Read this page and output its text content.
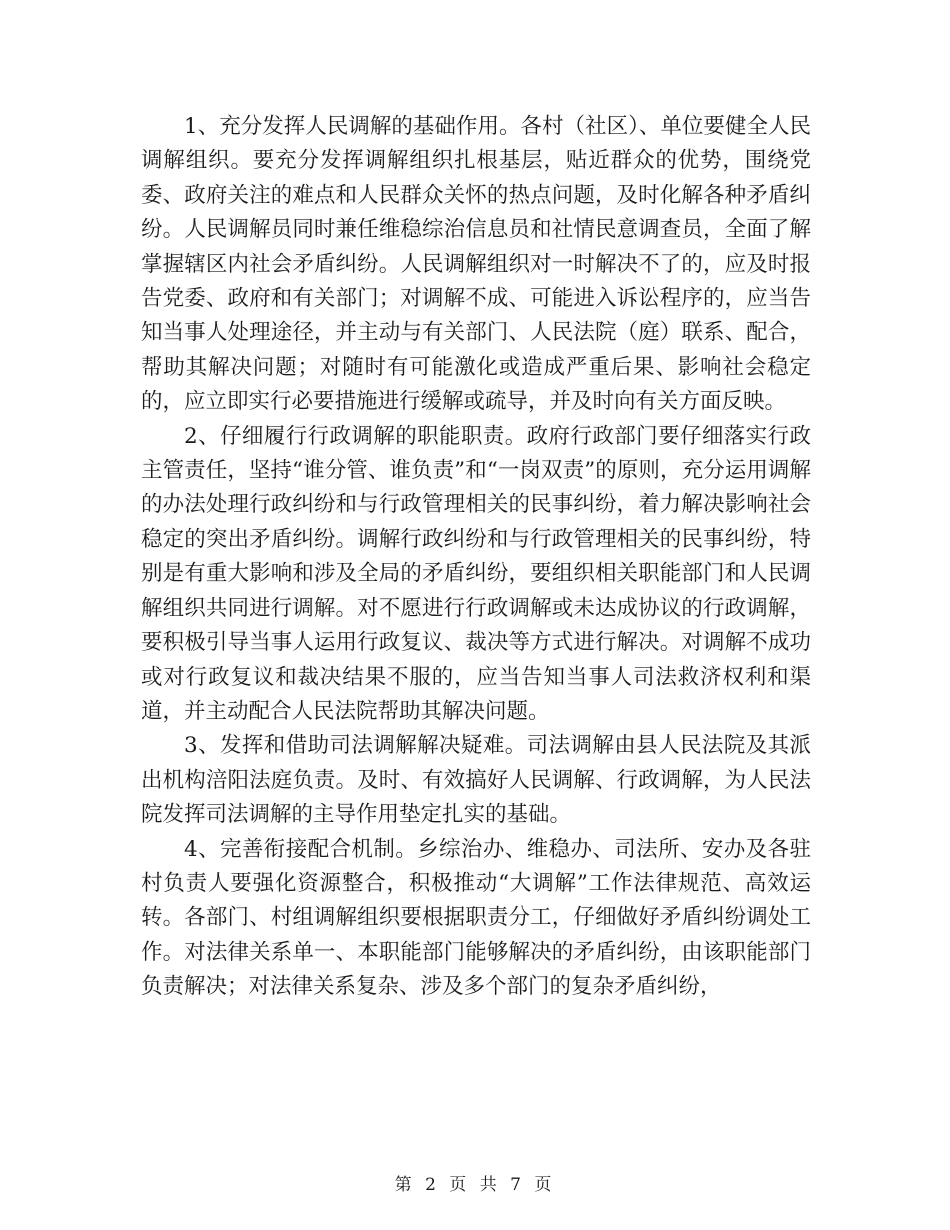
1、充分发挥人民调解的基础作用。各村（社区）、单位要健全人民调解组织。要充分发挥调解组织扎根基层，贴近群众的优势，围绕党委、政府关注的难点和人民群众关怀的热点问题，及时化解各种矛盾纠纷。人民调解员同时兼任维稳综治信息员和社情民意调查员，全面了解掌握辖区内社会矛盾纠纷。人民调解组织对一时解决不了的，应及时报告党委、政府和有关部门；对调解不成、可能进入诉讼程序的，应当告知当事人处理途径，并主动与有关部门、人民法院（庭）联系、配合，帮助其解决问题；对随时有可能激化或造成严重后果、影响社会稳定的，应立即实行必要措施进行缓解或疏导，并及时向有关方面反映。

2、仔细履行行政调解的职能职责。政府行政部门要仔细落实行政主管责任，坚持“谁分管、谁负责”和“一岗双责”的原则，充分运用调解的办法处理行政纠纷和与行政管理相关的民事纠纷，着力解决影响社会稳定的突出矛盾纠纷。调解行政纠纷和与行政管理相关的民事纠纷，特别是有重大影响和涉及全局的矛盾纠纷，要组织相关职能部门和人民调解组织共同进行调解。对不愿进行行政调解或未达成协议的行政调解，要积极引导当事人运用行政复议、裁决等方式进行解决。对调解不成功或对行政复议和裁决结果不服的，应当告知当事人司法救济权利和渠道，并主动配合人民法院帮助其解决问题。

3、发挥和借助司法调解解决疑难。司法调解由县人民法院及其派出机构涪阳法庭负责。及时、有效搞好人民调解、行政调解，为人民法院发挥司法调解的主导作用垫定扎实的基础。

4、完善衔接配合机制。乡综治办、维稳办、司法所、安办及各驻村负责人要强化资源整合，积极推动“大调解”工作法律规范、高效运转。各部门、村组调解组织要根据职责分工，仔细做好矛盾纠纷调处工作。对法律关系单一、本职能部门能够解决的矛盾纠纷，由该职能部门负责解决；对法律关系复杂、涉及多个部门的复杂矛盾纠纷，

第 2 页 共 7 页
